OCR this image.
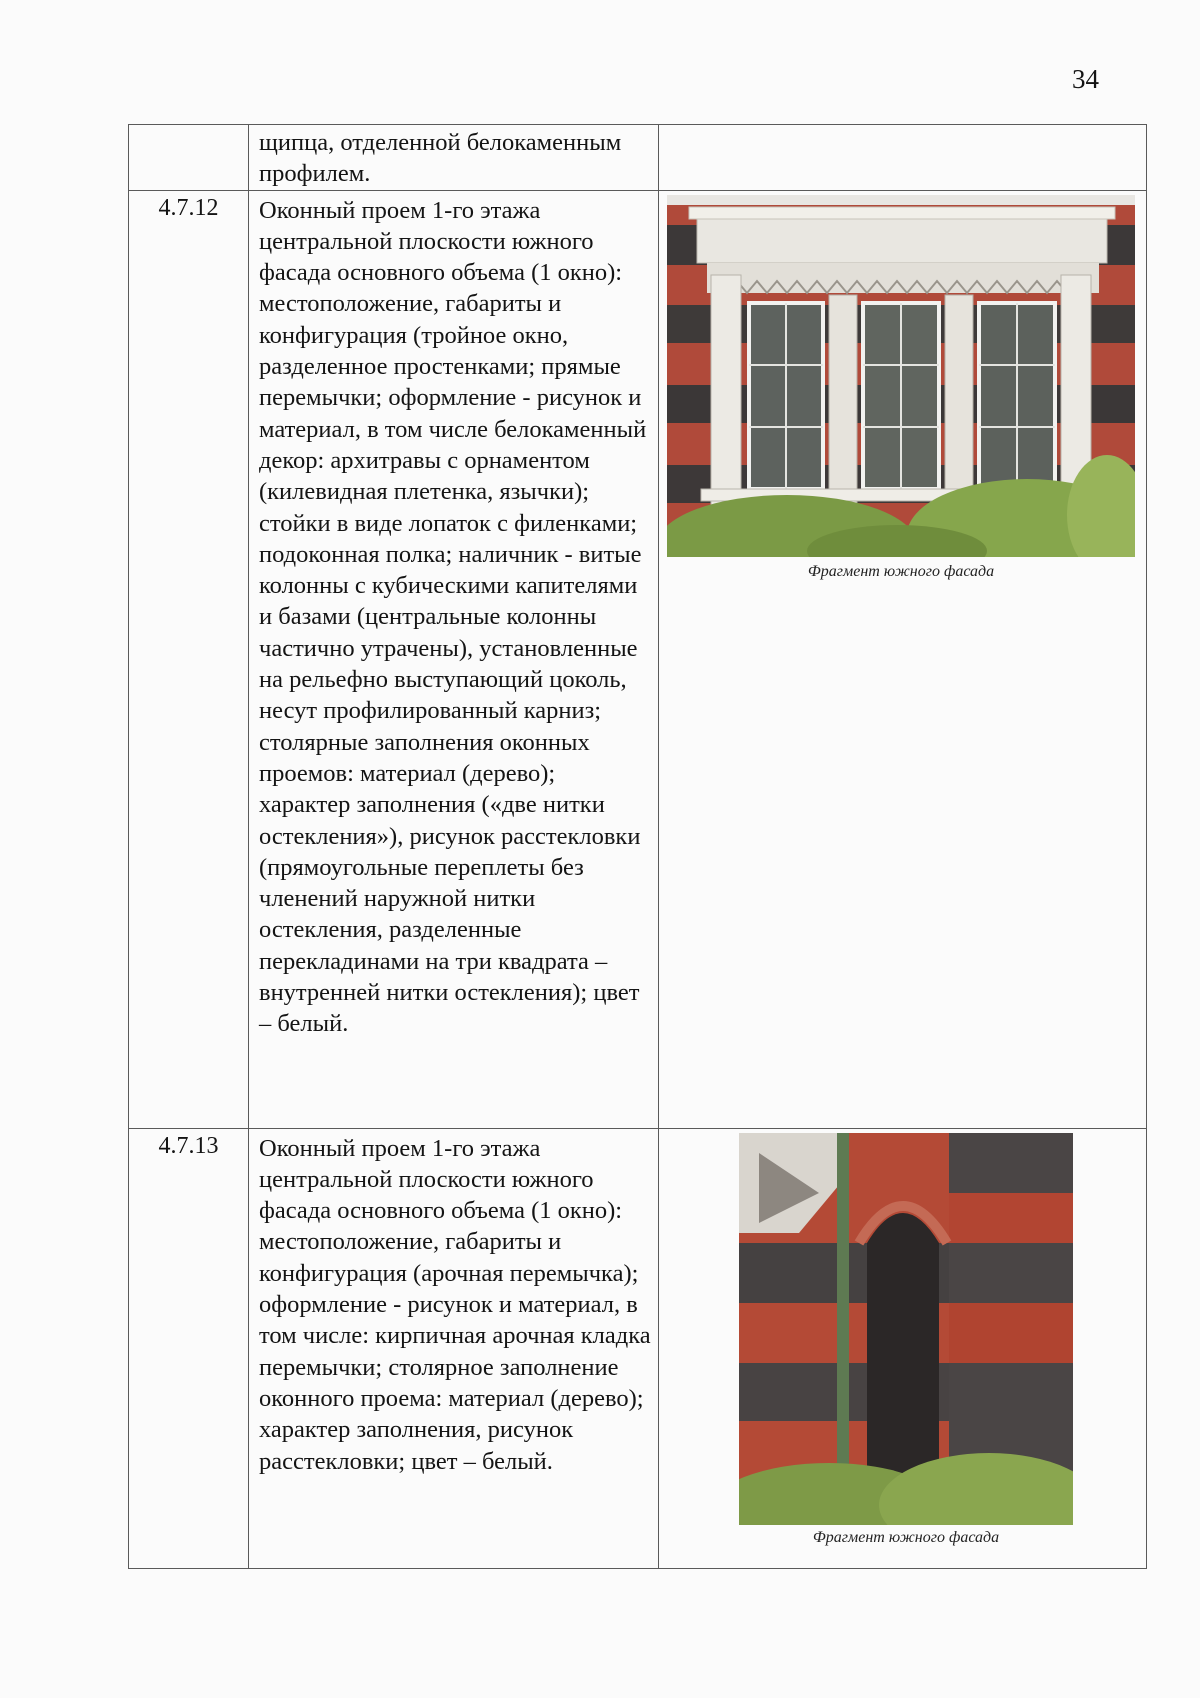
34
	щипца, отделенной белокаменным профилем.	
4.7.12	Оконный проем 1-го этажа центральной плоскости южного фасада основного объема (1 окно): местоположение, габариты и конфигурация (тройное окно, разделенное простенками; прямые перемычки; оформление - рисунок и материал, в том числе белокаменный декор: архитравы с орнаментом (килевидная плетенка, язычки); стойки в виде лопаток с филенками; подоконная полка; наличник - витые колонны с кубическими капителями и базами (центральные колонны частично утрачены), установленные на рельефно выступающий цоколь, несут профилированный карниз; столярные заполнения оконных проемов: материал (дерево); характер заполнения («две нитки остекления»), рисунок расстекловки (прямоугольные переплеты без членений наружной нитки остекления, разделенные перекладинами на три квадрата – внутренней нитки остекления); цвет – белый.	Фрагмент южного фасада

4.7.13	Оконный проем 1-го этажа центральной плоскости южного фасада основного объема (1 окно): местоположение, габариты и конфигурация (арочная перемычка); оформление - рисунок и материал, в том числе: кирпичная арочная кладка перемычки; столярное заполнение оконного проема: материал (дерево); характер заполнения, рисунок расстекловки; цвет – белый.	Фрагмент южного фасада
